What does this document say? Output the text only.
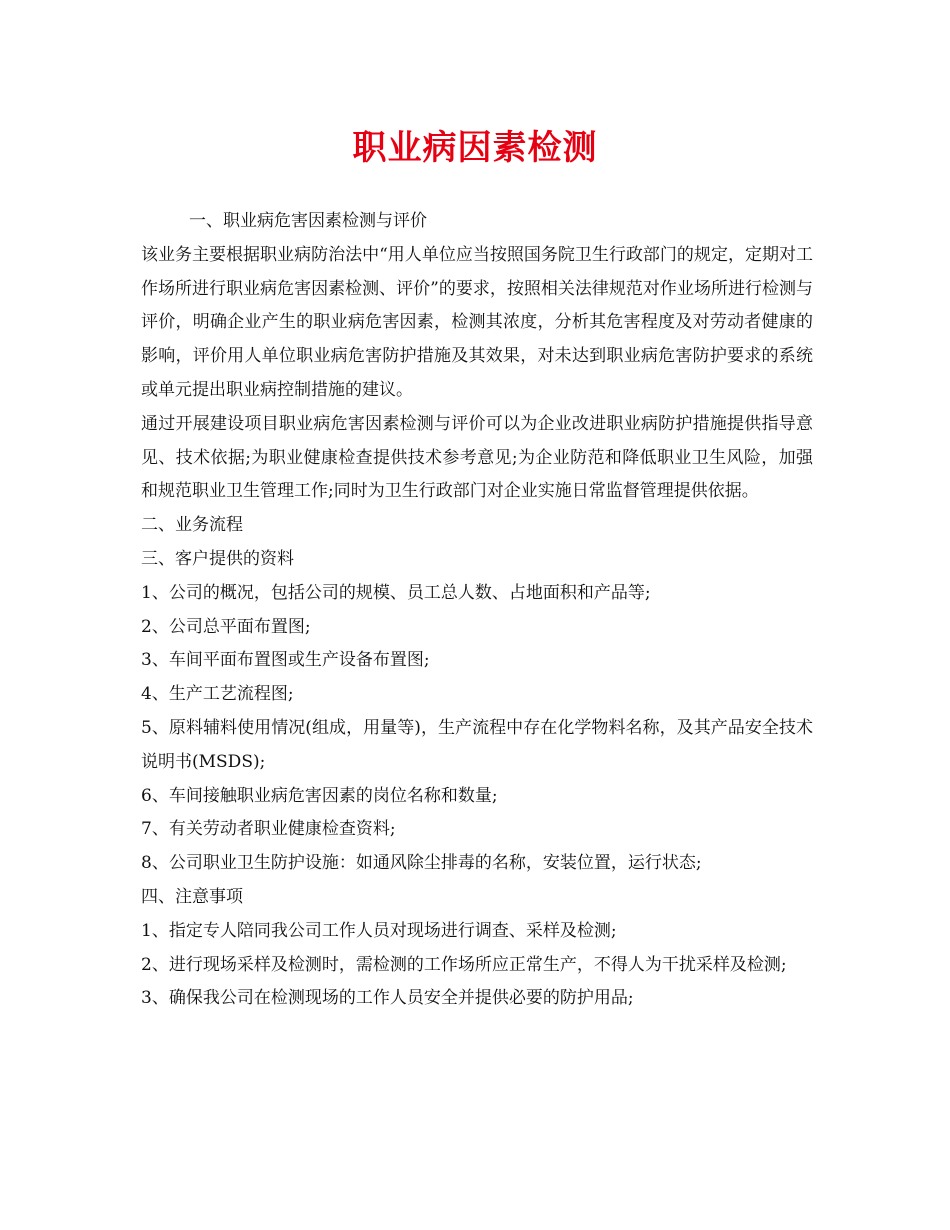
职业病因素检测

一、职业病危害因素检测与评价

该业务主要根据职业病防治法中“用人单位应当按照国务院卫生行政部门的规定，定期对工作场所进行职业病危害因素检测、评价”的要求，按照相关法律规范对作业场所进行检测与评价，明确企业产生的职业病危害因素，检测其浓度，分析其危害程度及对劳动者健康的影响，评价用人单位职业病危害防护措施及其效果，对未达到职业病危害防护要求的系统或单元提出职业病控制措施的建议。

通过开展建设项目职业病危害因素检测与评价可以为企业改进职业病防护措施提供指导意见、技术依据;为职业健康检查提供技术参考意见;为企业防范和降低职业卫生风险，加强和规范职业卫生管理工作;同时为卫生行政部门对企业实施日常监督管理提供依据。

二、业务流程

三、客户提供的资料

1、公司的概况，包括公司的规模、员工总人数、占地面积和产品等;

2、公司总平面布置图;

3、车间平面布置图或生产设备布置图;

4、生产工艺流程图;

5、原料辅料使用情况(组成，用量等)，生产流程中存在化学物料名称，及其产品安全技术说明书(MSDS);

6、车间接触职业病危害因素的岗位名称和数量;

7、有关劳动者职业健康检查资料;

8、公司职业卫生防护设施：如通风除尘排毒的名称，安装位置，运行状态;

四、注意事项

1、指定专人陪同我公司工作人员对现场进行调查、采样及检测;

2、进行现场采样及检测时，需检测的工作场所应正常生产，不得人为干扰采样及检测;

3、确保我公司在检测现场的工作人员安全并提供必要的防护用品;
